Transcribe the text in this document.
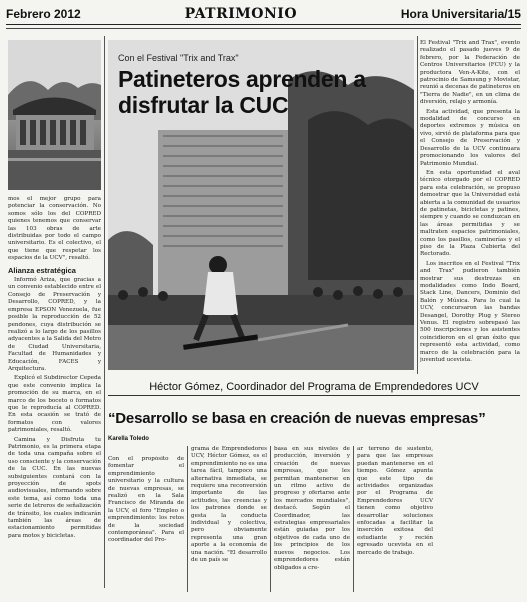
Febrero 2012	PATRIMONIO	Hora Universitaria/15

mos el mejor grupo para potenciar la conservación. No somos sólo los del COPRED quienes tenemos que conservar las 103 obras de arte distribuidas por todo el campo universitario. Es el colectivo, el que tiene que respetar los espacios de la UCV", resaltó.

Alianza estratégica

Informó Ariza, que gracias a un convenio establecido entre el Consejo de Preservación y Desarrollo, COPRED, y la empresa EPSON Venezuela, fue posible la reproducción de 52 pendones, cuya distribución se realizó a lo largo de los pasillos adyacentes a la Salida del Metro de Ciudad Universitaria, Facultad de Humanidades y Educación, FACES y Arquitectura.

Explicó el Subdirector Cepeda que este convenio implica la promoción de su marca, en el marco de los boceto o formatos que le reproducía al COPRED. En esta ocasión se trató de formatos con valores patrimoniales, resaltó.

Camina y Disfruta tu Patrimonio, es la primera etapa de toda una campaña sobre el uso consciente y la conservación de la CUC. En las nuevas subsiguientes contará con la proyección de spots audiovisuales, informando sobre este tema, así como toda una serie de letreros de señalización de tránsito, los cuales indicarán también las áreas de estacionamiento permitidas para motos y bicicletas.

Con el Festival "Trix and Trax"
Patineteros aprenden a disfrutar la CUC

El Festival "Trix and Trax", evento realizado el pasado jueves 9 de febrero, por la Federación de Centros Universitarios (FCU) y la productora Ven-A-Kite, con el patrocinio de Samsung y Movistar, reunió a decenas de patineteros en "Tierra de Nadie", en un clima de diversión, relajo y armonía.

Esta actividad, que presenta la modalidad de concurso en deportes extremos y música en vivo, sirvió de plataforma para que el Consejo de Preservación y Desarrollo de la UCV continuara promocionando los valores del Patrimonio Mundial.

En esta oportunidad el aval técnico otorgado por el COPRED para esta celebración, se propuso demostrar que la Universidad está abierta a la comunidad de usuarios de patinetas, bicicletas y patines, siempre y cuando se conduzcan en las áreas permitidas y se maltraten espacios patrimoniales, como los pasillos, caminerías y el piso de la Plaza Cubierta del Rectorado.

Los inscritos en el Festival "Trix and Trax" pudieron también mostrar sus destrezas en modalidades como Indo Board, Stack Line, Dancers, Dominio del Balón y Música. Para lo cual la UCV, concursaron las bandas Desangel, Dorothy Plug y Stereo Venus. El registro sobrepasó las 500 inscripciones y los asistentes coincidieron en el gran éxito que representó esta actividad, como marco de la celebración para la juventud ucevista.

Héctor Gómez, Coordinador del Programa de Emprendedores UCV
“Desarrollo se basa en creación de nuevas empresas”
Karella Toledo
Con el propósito de fomentar el emprendimiento universitario y la cultura de nuevas empresas, se realizó en la Sala Francisco de Miranda de la UCV, el foro "Empleo o emprendimiento: los retos de la sociedad contemporánea". Para el coordinador del Pro-
grama de Emprendedores UCV, Héctor Gómez, es el emprendimiento no es una tarea fácil, tampoco una alternativa inmediata, se requiere una reconversión importante de las actitudes, las creencias y los patrones donde se gesta la conducta individual y colectiva, pero obviamente representa una gran aporte a la economía de una nación. "El desarrollo de un país se
basa en sus niveles de producción, inversión y creación de nuevas empresas, que les permitan mantenerse en un ritmo activo de progreso y ofertarse ante los mercados mundiales", destacó. Según el Coordinador, las estrategias empresariales están guiadas por los objetivos de cada uno de los principios de los nuevos negocios. Los emprendedores están obligados a cre-
ar terreno de sustento, para que las empresas puedan mantenerse en el tiempo. Gómez apunta que este tipo de actividades organizadas por el Programa de Emprendedores UCV tienen como objetivo desarrollar soluciones enfocadas a facilitar la inserción exitosa del estudiante y recién egresado ucevista en el mercado de trabajo.
